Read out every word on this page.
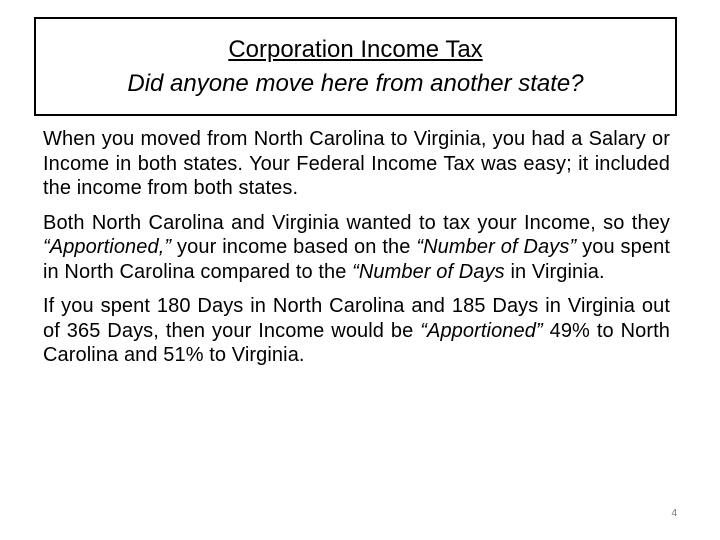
Corporation Income Tax
Did anyone move here from another state?

When you moved from North Carolina to Virginia, you had a Salary or Income in both states. Your Federal Income Tax was easy; it included the income from both states.

Both North Carolina and Virginia wanted to tax your Income, so they “Apportioned,” your income based on the “Number of Days” you spent in North Carolina compared to the “Number of Days in Virginia.

If you spent 180 Days in North Carolina and 185 Days in Virginia out of 365 Days, then your Income would be “Apportioned” 49% to North Carolina and 51% to Virginia.

4
